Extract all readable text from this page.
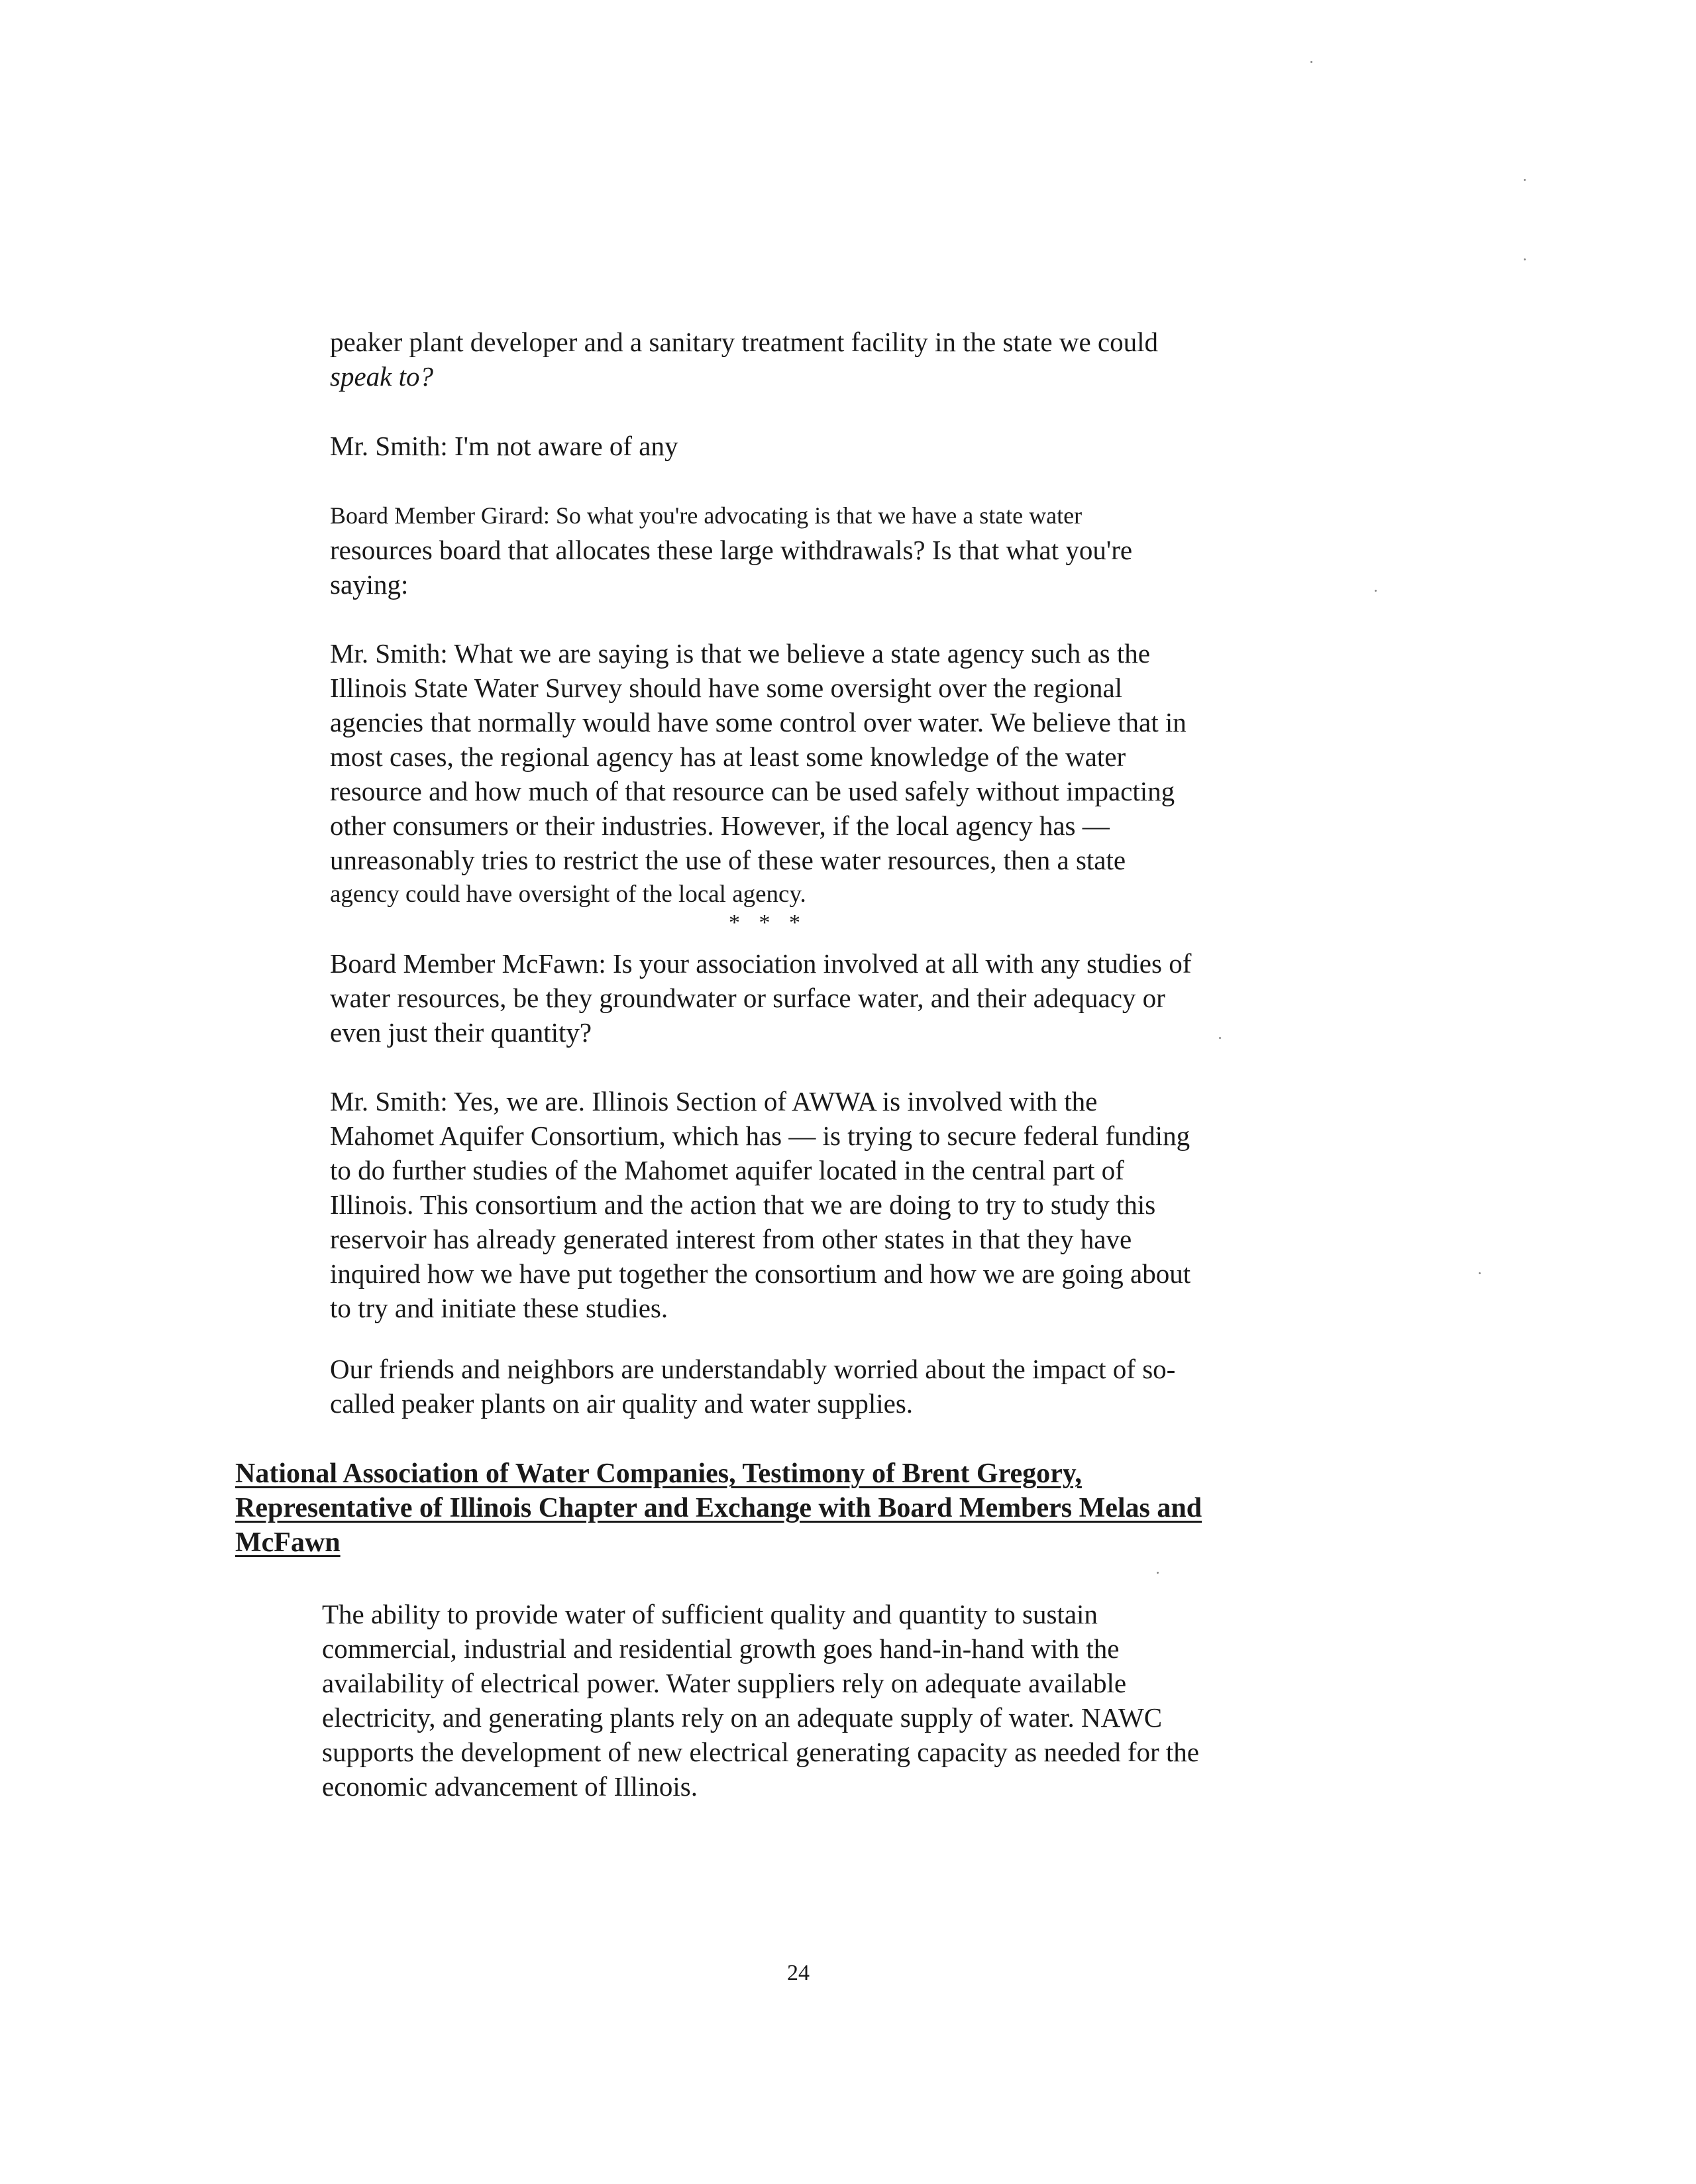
peaker plant developer and a sanitary treatment facility in the state we could
speak to?
Mr. Smith: I'm not aware of any
Board Member Girard: So what you're advocating is that we have a state water
resources board that allocates these large withdrawals? Is that what you're
saying:
Mr. Smith: What we are saying is that we believe a state agency such as the
Illinois State Water Survey should have some oversight over the regional
agencies that normally would have some control over water. We believe that in
most cases, the regional agency has at least some knowledge of the water
resource and how much of that resource can be used safely without impacting
other consumers or their industries. However, if the local agency has —
unreasonably tries to restrict the use of these water resources, then a state
agency could have oversight of the local agency.
* * *
Board Member McFawn: Is your association involved at all with any studies of
water resources, be they groundwater or surface water, and their adequacy or
even just their quantity?
Mr. Smith: Yes, we are. Illinois Section of AWWA is involved with the
Mahomet Aquifer Consortium, which has — is trying to secure federal funding
to do further studies of the Mahomet aquifer located in the central part of
Illinois. This consortium and the action that we are doing to try to study this
reservoir has already generated interest from other states in that they have
inquired how we have put together the consortium and how we are going about
to try and initiate these studies.
Our friends and neighbors are understandably worried about the impact of so-
called peaker plants on air quality and water supplies.
National Association of Water Companies, Testimony of Brent Gregory,
Representative of Illinois Chapter and Exchange with Board Members Melas and
McFawn
The ability to provide water of sufficient quality and quantity to sustain
commercial, industrial and residential growth goes hand-in-hand with the
availability of electrical power. Water suppliers rely on adequate available
electricity, and generating plants rely on an adequate supply of water. NAWC
supports the development of new electrical generating capacity as needed for the
economic advancement of Illinois.
24
